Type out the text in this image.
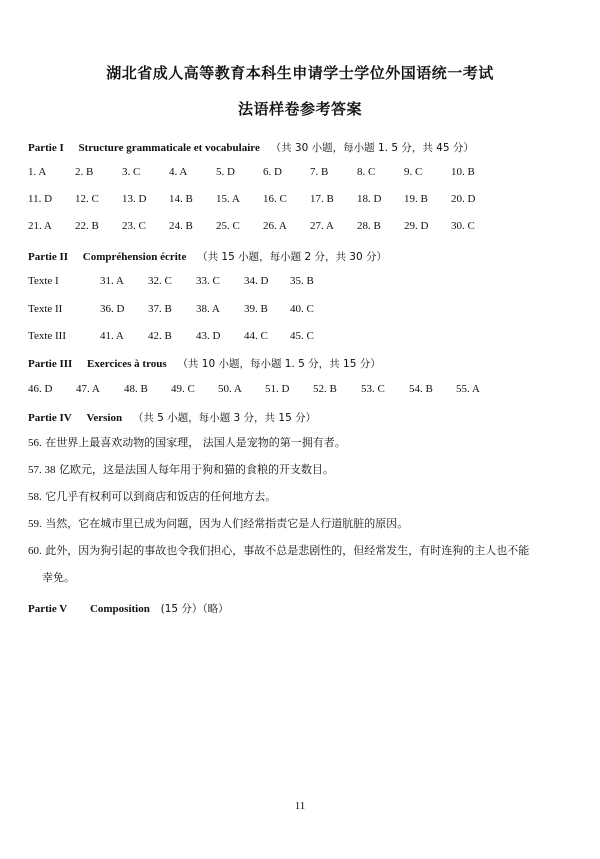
湖北省成人高等教育本科生申请学士学位外国语统一考试
法语样卷参考答案
Partie I Structure grammaticale et vocabulaire （共 30 小题，每小题 1. 5 分，共 45 分）
1. A	2. B	3. C	4. A	5. D	6. D	7. B	8. C	9. C	10. B
11. D 12. C 13. D 14. B 15. A 16. C 17. B 18. D 19. B 20. D
21. A 22. B 23. C 24. B 25. C 26. A 27. A 28. B 29. D 30. C
Partie II Compréhension écrite （共 15 小题，每小题 2 分，共 30 分）
Texte I	31. A 32. C 33. C 34. D 35. B
Texte II	36. D 37. B 38. A 39. B 40. C
Texte III	41. A 42. B 43. D 44. C 45. C
Partie III Exercices à trous （共 10 小题，每小题 1. 5 分，共 15 分）
46. D 47. A 48. B 49. C 50. A 51. D 52. B 53. C 54. B 55. A
Partie IV Version （共 5 小题，每小题 3 分，共 15 分）
56. 在世界上最喜欢动物的国家理， 法国人是宠物的第一拥有者。
57. 38 亿欧元，这是法国人每年用于狗和猫的食粮的开支数目。
58. 它几乎有权利可以到商店和饭店的任何地方去。
59. 当然，它在城市里已成为问题，因为人们经常指责它是人行道肮脏的原因。
60. 此外，因为狗引起的事故也令我们担心，事故不总是悲剧性的，但经常发生，有时连狗的主人也不能
幸免。
Partie V Composition (15 分）（略）
11
